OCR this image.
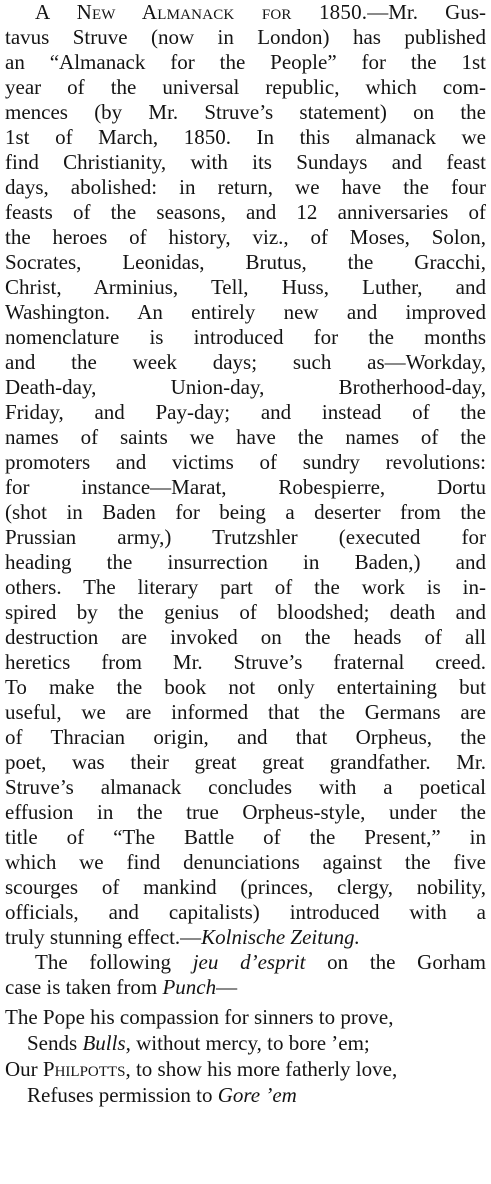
A New Almanack for 1850.—Mr. Gus-
tavus Struve (now in London) has published
an “Almanack for the People” for the 1st
year of the universal republic, which com-
mences (by Mr. Struve’s statement) on the
1st of March, 1850. In this almanack we
find Christianity, with its Sundays and feast
days, abolished: in return, we have the four
feasts of the seasons, and 12 anniversaries of
the heroes of history, viz., of Moses, Solon,
Socrates, Leonidas, Brutus, the Gracchi,
Christ, Arminius, Tell, Huss, Luther, and
Washington. An entirely new and improved
nomenclature is introduced for the months
and the week days; such as—Workday,
Death-day, Union-day, Brotherhood-day,
Friday, and Pay-day; and instead of the
names of saints we have the names of the
promoters and victims of sundry revolutions:
for instance—Marat, Robespierre, Dortu
(shot in Baden for being a deserter from the
Prussian army,) Trutzshler (executed for
heading the insurrection in Baden,) and
others. The literary part of the work is in-
spired by the genius of bloodshed; death and
destruction are invoked on the heads of all
heretics from Mr. Struve’s fraternal creed.
To make the book not only entertaining but
useful, we are informed that the Germans are
of Thracian origin, and that Orpheus, the
poet, was their great great grandfather. Mr.
Struve’s almanack concludes with a poetical
effusion in the true Orpheus-style, under the
title of “The Battle of the Present,” in
which we find denunciations against the five
scourges of mankind (princes, clergy, nobility,
officials, and capitalists) introduced with a
truly stunning effect.—Kolnische Zeitung.
The following jeu d’esprit on the Gorham
case is taken from Punch—
The Pope his compassion for sinners to prove,
Sends Bulls, without mercy, to bore ’em;
Our Philpotts, to show his more fatherly love,
Refuses permission to Gore ’em
